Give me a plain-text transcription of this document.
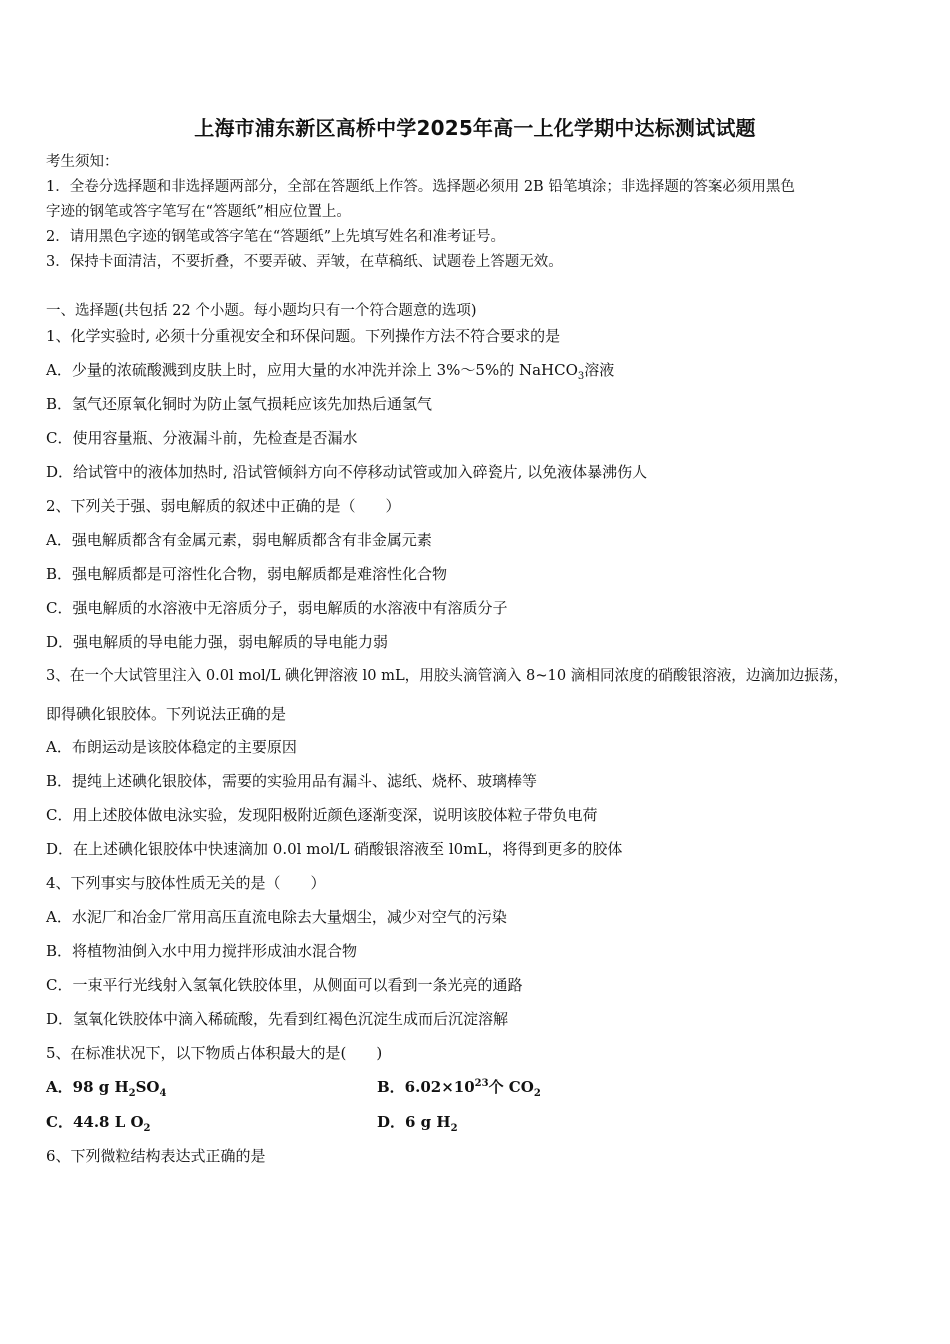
上海市浦东新区高桥中学2025年高一上化学期中达标测试试题
考生须知：
1．全卷分选择题和非选择题两部分，全部在答题纸上作答。选择题必须用 2B 铅笔填涂；非选择题的答案必须用黑色
字迹的钢笔或答字笔写在“答题纸”相应位置上。
2．请用黑色字迹的钢笔或答字笔在“答题纸”上先填写姓名和准考证号。
3．保持卡面清洁，不要折叠，不要弄破、弄皱，在草稿纸、试题卷上答题无效。
一、选择题(共包括 22 个小题。每小题均只有一个符合题意的选项)
1、化学实验时, 必须十分重视安全和环保问题。下列操作方法不符合要求的是
A．少量的浓硫酸溅到皮肤上时，应用大量的水冲洗并涂上 3%～5%的 NaHCO$_3$溶液
B．氢气还原氧化铜时为防止氢气损耗应该先加热后通氢气
C．使用容量瓶、分液漏斗前，先检查是否漏水
D．给试管中的液体加热时, 沿试管倾斜方向不停移动试管或加入碎瓷片, 以免液体暴沸伤人
2、下列关于强、弱电解质的叙述中正确的是（　　）
A．强电解质都含有金属元素，弱电解质都含有非金属元素
B．强电解质都是可溶性化合物，弱电解质都是难溶性化合物
C．强电解质的水溶液中无溶质分子，弱电解质的水溶液中有溶质分子
D．强电解质的导电能力强，弱电解质的导电能力弱
3、在一个大试管里注入 0.0l mol/L 碘化钾溶液 l0 mL，用胶头滴管滴入 8~10 滴相同浓度的硝酸银溶液，边滴加边振荡，
即得碘化银胶体。下列说法正确的是
A．布朗运动是该胶体稳定的主要原因
B．提纯上述碘化银胶体，需要的实验用品有漏斗、滤纸、烧杯、玻璃棒等
C．用上述胶体做电泳实验，发现阳极附近颜色逐渐变深，说明该胶体粒子带负电荷
D．在上述碘化银胶体中快速滴加 0.0l mol/L 硝酸银溶液至 l0mL，将得到更多的胶体
4、下列事实与胶体性质无关的是（　　）
A．水泥厂和冶金厂常用高压直流电除去大量烟尘，减少对空气的污染
B．将植物油倒入水中用力搅拌形成油水混合物
C．一束平行光线射入氢氧化铁胶体里，从侧面可以看到一条光亮的通路
D．氢氧化铁胶体中滴入稀硫酸，先看到红褐色沉淀生成而后沉淀溶解
5、在标准状况下，以下物质占体积最大的是(　　)
A．98 g $H_2SO_4$	B．$6.02\times 10^{23}$个 $CO_2$
C．44.8 L $O_2$	D．6 g $H_2$
6、下列微粒结构表达式正确的是
